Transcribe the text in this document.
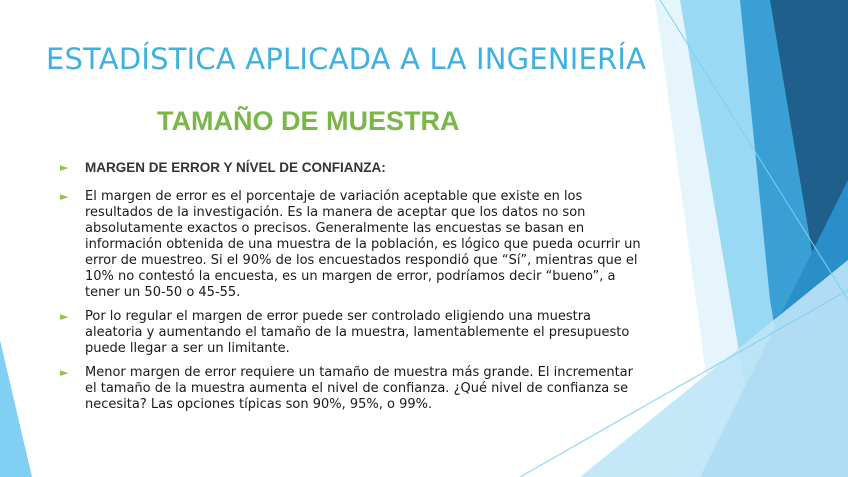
ESTADÍSTICA APLICADA A LA INGENIERÍA
TAMAÑO DE MUESTRA
► MARGEN DE ERROR Y NÍVEL DE CONFIANZA:
► El margen de error es el porcentaje de variación aceptable que existe en los resultados de la investigación. Es la manera de aceptar que los datos no son absolutamente exactos o precisos. Generalmente las encuestas se basan en información obtenida de una muestra de la población, es lógico que pueda ocurrir un error de muestreo. Si el 90% de los encuestados respondió que “Sí”, mientras que el 10% no contestó la encuesta, es un margen de error, podríamos decir “bueno”, a tener un 50-50 o 45-55.
► Por lo regular el margen de error puede ser controlado eligiendo una muestra aleatoria y aumentando el tamaño de la muestra, lamentablemente el presupuesto puede llegar a ser un limitante.
► Menor margen de error requiere un tamaño de muestra más grande. El incrementar el tamaño de la muestra aumenta el nivel de confianza. ¿Qué nivel de confianza se necesita? Las opciones típicas son 90%, 95%, o 99%.
